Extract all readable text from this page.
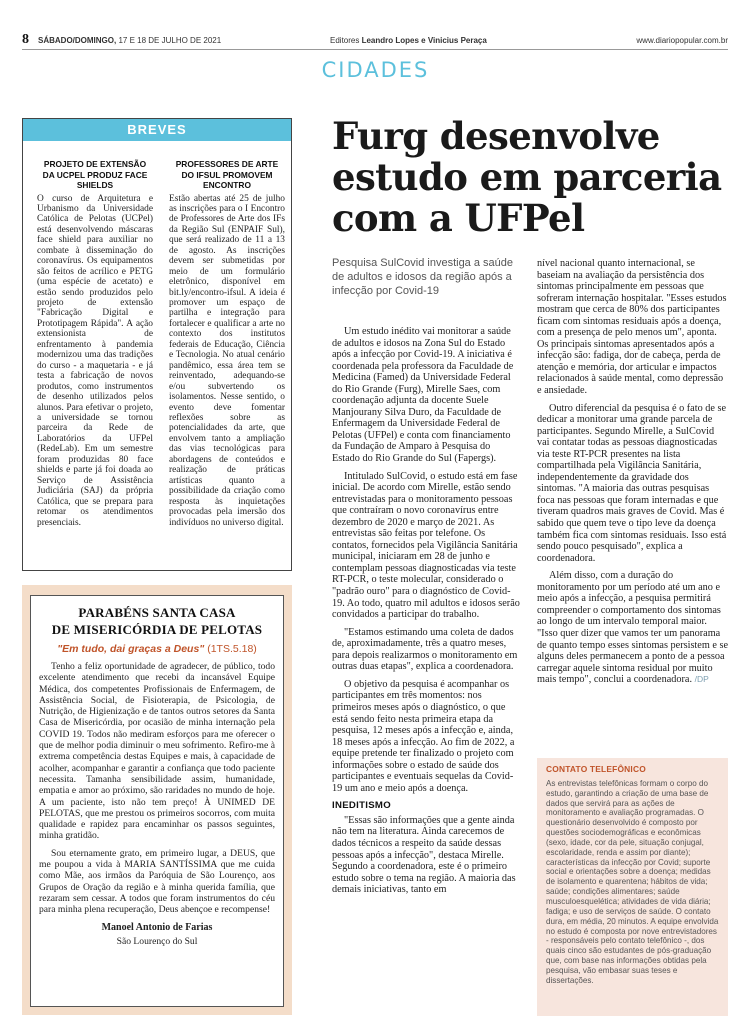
8 SÁBADO/DOMINGO, 17 E 18 DE JULHO DE 2021	Editores Leandro Lopes e Vinicius Peraça	www.diariopopular.com.br
CIDADES
BREVES
PROJETO DE EXTENSÃO DA UCPEL PRODUZ FACE SHIELDS
O curso de Arquitetura e Urbanismo da Universidade Católica de Pelotas (UCPel) está desenvolvendo máscaras face shield para auxiliar no combate à disseminação do coronavírus. Os equipamentos são feitos de acrílico e PETG (uma espécie de acetato) e estão sendo produzidos pelo projeto de extensão "Fabricação Digital e Prototipagem Rápida". A ação extensionista de enfrentamento à pandemia modernizou uma das tradições do curso - a maquetaria - e já testa a fabricação de novos produtos, como instrumentos de desenho utilizados pelos alunos. Para efetivar o projeto, a universidade se tornou parceira da Rede de Laboratórios da UFPel (RedeLab). Em um semestre foram produzidas 80 face shields e parte já foi doada ao Serviço de Assistência Judiciária (SAJ) da própria Católica, que se prepara para retomar os atendimentos presenciais.
PROFESSORES DE ARTE DO IFSUL PROMOVEM ENCONTRO
Estão abertas até 25 de julho as inscrições para o I Encontro de Professores de Arte dos IFs da Região Sul (ENPAIF Sul), que será realizado de 11 a 13 de agosto. As inscrições devem ser submetidas por meio de um formulário eletrônico, disponível em bit.ly/encontro-ifsul. A ideia é promover um espaço de partilha e integração para fortalecer e qualificar a arte no contexto dos institutos federais de Educação, Ciência e Tecnologia. No atual cenário pandêmico, essa área tem se reinventado, adequando-se e/ou subvertendo os isolamentos. Nesse sentido, o evento deve fomentar reflexões sobre as potencialidades da arte, que envolvem tanto a ampliação das vias tecnológicas para abordagens de conteúdos e realização de práticas artísticas quanto a possibilidade da criação como resposta às inquietações provocadas pela imersão dos indivíduos no universo digital.
PARABÉNS SANTA CASA
DE MISERICÓRDIA DE PELOTAS
"Em tudo, dai graças a Deus" (1TS.5.18)

Tenho a feliz oportunidade de agradecer, de público, todo excelente atendimento que recebi da incansável Equipe Médica, dos competentes Profissionais de Enfermagem, de Assistência Social, de Fisioterapia, de Psicologia, de Nutrição, de Higienização e de tantos outros setores da Santa Casa de Misericórdia, por ocasião de minha internação pela COVID 19. Todos não mediram esforços para me oferecer o que de melhor podia diminuir o meu sofrimento. Refiro-me à extrema competência destas Equipes e mais, à capacidade de acolher, acompanhar e garantir a confiança que todo paciente necessita. Tamanha sensibilidade assim, humanidade, empatia e amor ao próximo, são raridades no mundo de hoje. A um paciente, isto não tem preço! À UNIMED DE PELOTAS, que me prestou os primeiros socorros, com muita qualidade e rapidez para encaminhar os passos seguintes, minha gratidão.

Sou eternamente grato, em primeiro lugar, a DEUS, que me poupou a vida à MARIA SANTÍSSIMA que me cuida como Mãe, aos irmãos da Paróquia de São Lourenço, aos Grupos de Oração da região e à minha querida família, que rezaram sem cessar. A todos que foram instrumentos do céu para minha plena recuperação, Deus abençoe e recompense!

Manoel Antonio de Farias
São Lourenço do Sul
Furg desenvolve estudo em parceria com a UFPel
Pesquisa SulCovid investiga a saúde de adultos e idosos da região após a infecção por Covid-19

Um estudo inédito vai monitorar a saúde de adultos e idosos na Zona Sul do Estado após a infecção por Covid-19. A iniciativa é coordenada pela professora da Faculdade de Medicina (Famed) da Universidade Federal do Rio Grande (Furg), Mirelle Saes, com coordenação adjunta da docente Suele Manjourany Silva Duro, da Faculdade de Enfermagem da Universidade Federal de Pelotas (UFPel) e conta com financiamento da Fundação de Amparo à Pesquisa do Estado do Rio Grande do Sul (Fapergs).

Intitulado SulCovid, o estudo está em fase inicial. De acordo com Mirelle, estão sendo entrevistadas para o monitoramento pessoas que contraíram o novo coronavírus entre dezembro de 2020 e março de 2021. As entrevistas são feitas por telefone. Os contatos, fornecidos pela Vigilância Sanitária municipal, iniciaram em 28 de junho e contemplam pessoas diagnosticadas via teste RT-PCR, o teste molecular, considerado o "padrão ouro" para o diagnóstico de Covid-19. Ao todo, quatro mil adultos e idosos serão convidados a participar do trabalho.

"Estamos estimando uma coleta de dados de, aproximadamente, três a quatro meses, para depois realizarmos o monitoramento em outras duas etapas", explica a coordenadora.

O objetivo da pesquisa é acompanhar os participantes em três momentos: nos primeiros meses após o diagnóstico, o que está sendo feito nesta primeira etapa da pesquisa, 12 meses após a infecção e, ainda, 18 meses após a infecção. Ao fim de 2022, a equipe pretende ter finalizado o projeto com informações sobre o estado de saúde dos participantes e eventuais sequelas da Covid-19 um ano e meio após a doença.

INEDITISMO

"Essas são informações que a gente ainda não tem na literatura. Ainda carecemos de dados técnicos a respeito da saúde dessas pessoas após a infecção", destaca Mirelle. Segundo a coordenadora, este é o primeiro estudo sobre o tema na região. A maioria das demais iniciativas, tanto em

nível nacional quanto internacional, se baseiam na avaliação da persistência dos sintomas principalmente em pessoas que sofreram internação hospitalar. "Esses estudos mostram que cerca de 80% dos participantes ficam com sintomas residuais após a doença, com a presença de pelo menos um", aponta. Os principais sintomas apresentados após a infecção são: fadiga, dor de cabeça, perda de atenção e memória, dor articular e impactos relacionados à saúde mental, como depressão e ansiedade.

Outro diferencial da pesquisa é o fato de se dedicar a monitorar uma grande parcela de participantes. Segundo Mirelle, a SulCovid vai contatar todas as pessoas diagnosticadas via teste RT-PCR presentes na lista compartilhada pela Vigilância Sanitária, independentemente da gravidade dos sintomas. "A maioria das outras pesquisas foca nas pessoas que foram internadas e que tiveram quadros mais graves de Covid. Mas é sabido que quem teve o tipo leve da doença também fica com sintomas residuais. Isso está sendo pouco pesquisado", explica a coordenadora.

Além disso, com a duração do monitoramento por um período até um ano e meio após a infecção, a pesquisa permitirá compreender o comportamento dos sintomas ao longo de um intervalo temporal maior. "Isso quer dizer que vamos ter um panorama de quanto tempo esses sintomas persistem e se alguns deles permanecem a ponto de a pessoa carregar aquele sintoma residual por muito mais tempo", conclui a coordenadora. /DP

CONTATO TELEFÔNICO
As entrevistas telefônicas formam o corpo do estudo, garantindo a criação de uma base de dados que servirá para as ações de monitoramento e avaliação programadas. O questionário desenvolvido é composto por questões sociodemográficas e econômicas (sexo, idade, cor da pele, situação conjugal, escolaridade, renda e assim por diante); características da infecção por Covid; suporte social e orientações sobre a doença; medidas de isolamento e quarentena; hábitos de vida; saúde; condições alimentares; saúde musculoesquelética; atividades de vida diária; fadiga; e uso de serviços de saúde. O contato dura, em média, 20 minutos. A equipe envolvida no estudo é composta por nove entrevistadores - responsáveis pelo contato telefônico -, dos quais cinco são estudantes de pós-graduação que, com base nas informações obtidas pela pesquisa, vão embasar suas teses e dissertações.
